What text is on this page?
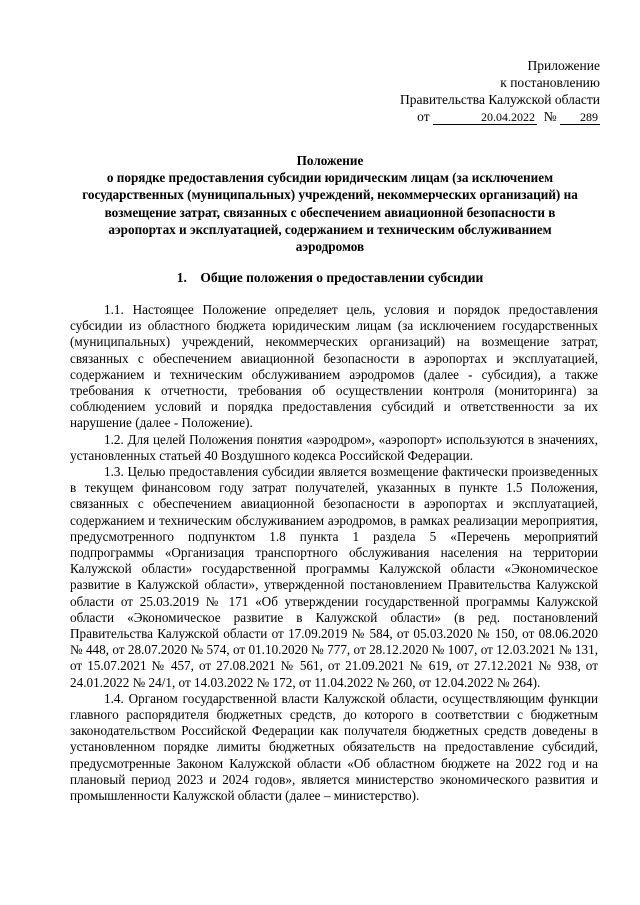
Приложение
к постановлению
Правительства Калужской области
от	20.04.2022 № 289
Положение
о порядке предоставления субсидии юридическим лицам (за исключением
государственных (муниципальных) учреждений, некоммерческих организаций) на
возмещение затрат, связанных с обеспечением авиационной безопасности в
аэропортах и эксплуатацией, содержанием и техническим обслуживанием
аэродромов
1.    Общие положения о предоставлении субсидии

1.1. Настоящее Положение определяет цель, условия и порядок предоставления субсидии из областного бюджета юридическим лицам (за исключением государственных (муниципальных) учреждений, некоммерческих организаций) на возмещение затрат, связанных с обеспечением авиационной безопасности в аэропортах и эксплуатацией, содержанием и техническим обслуживанием аэродромов (далее - субсидия), а также требования к отчетности, требования об осуществлении контроля (мониторинга) за соблюдением условий и порядка предоставления субсидий и ответственности за их нарушение (далее - Положение).

1.2. Для целей Положения понятия «аэродром», «аэропорт» используются в значениях, установленных статьей 40 Воздушного кодекса Российской Федерации.

1.3. Целью предоставления субсидии является возмещение фактически произведенных в текущем финансовом году затрат получателей, указанных в пункте 1.5 Положения, связанных с обеспечением авиационной безопасности в аэропортах и эксплуатацией, содержанием и техническим обслуживанием аэродромов, в рамках реализации мероприятия, предусмотренного подпунктом 1.8 пункта 1 раздела 5 «Перечень мероприятий подпрограммы «Организация транспортного обслуживания населения на территории Калужской области» государственной программы Калужской области «Экономическое развитие в Калужской области», утвержденной постановлением Правительства Калужской области от 25.03.2019 № 171 «Об утверждении государственной программы Калужской области «Экономическое развитие в Калужской области» (в ред. постановлений Правительства Калужской области от 17.09.2019 № 584, от 05.03.2020 № 150, от 08.06.2020 № 448, от 28.07.2020 № 574, от 01.10.2020 № 777, от 28.12.2020 № 1007, от 12.03.2021 № 131, от 15.07.2021 № 457, от 27.08.2021 № 561, от 21.09.2021 № 619, от 27.12.2021 № 938, от 24.01.2022 № 24/1, от 14.03.2022 № 172, от 11.04.2022 № 260, от 12.04.2022 № 264).

1.4. Органом государственной власти Калужской области, осуществляющим функции главного распорядителя бюджетных средств, до которого в соответствии с бюджетным законодательством Российской Федерации как получателя бюджетных средств доведены в установленном порядке лимиты бюджетных обязательств на предоставление субсидий, предусмотренные Законом Калужской области «Об областном бюджете на 2022 год и на плановый период 2023 и 2024 годов», является министерство экономического развития и промышленности Калужской области (далее – министерство).
